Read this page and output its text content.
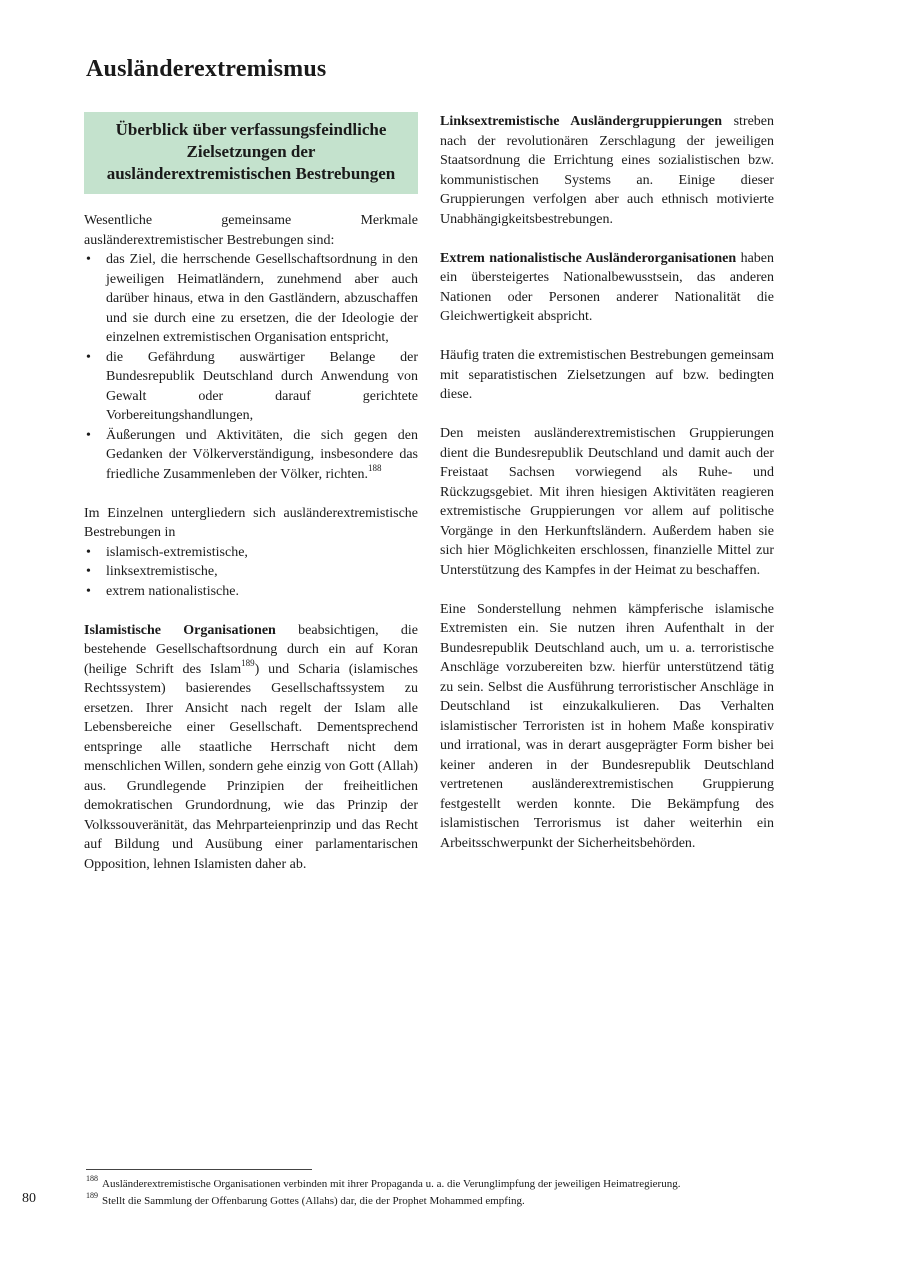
Ausländerextremismus
Überblick über verfassungsfeindliche Zielsetzungen der ausländerextremistischen Bestrebungen

Wesentliche gemeinsame Merkmale ausländerextremistischer Bestrebungen sind:

• das Ziel, die herrschende Gesellschaftsordnung in den jeweiligen Heimatländern, zunehmend aber auch darüber hinaus, etwa in den Gastländern, abzuschaffen und sie durch eine zu ersetzen, die der Ideologie der einzelnen extremistischen Organisation entspricht,
• die Gefährdung auswärtiger Belange der Bundesrepublik Deutschland durch Anwendung von Gewalt oder darauf gerichtete Vorbereitungshandlungen,
• Äußerungen und Aktivitäten, die sich gegen den Gedanken der Völkerverständigung, insbesondere das friedliche Zusammenleben der Völker, richten.$^{188}$

Im Einzelnen untergliedern sich ausländerextremistische Bestrebungen in

• islamisch-extremistische,
• linksextremistische,
• extrem nationalistische.

Islamistische Organisationen beabsichtigen, die bestehende Gesellschaftsordnung durch ein auf Koran (heilige Schrift des Islam$^{189}$) und Scharia (islamisches Rechtssystem) basierendes Gesellschaftssystem zu ersetzen. Ihrer Ansicht nach regelt der Islam alle Lebensbereiche einer Gesellschaft. Dementsprechend entspringe alle staatliche Herrschaft nicht dem menschlichen Willen, sondern gehe einzig von Gott (Allah) aus. Grundlegende Prinzipien der freiheitlichen demokratischen Grundordnung, wie das Prinzip der Volkssouveränität, das Mehrparteienprinzip und das Recht auf Bildung und Ausübung einer parlamentarischen Opposition, lehnen Islamisten daher ab.

Linksextremistische Ausländergruppierungen streben nach der revolutionären Zerschlagung der jeweiligen Staatsordnung die Errichtung eines sozialistischen bzw. kommunistischen Systems an. Einige dieser Gruppierungen verfolgen aber auch ethnisch motivierte Unabhängigkeitsbestrebungen.

Extrem nationalistische Ausländerorganisationen haben ein übersteigertes Nationalbewusstsein, das anderen Nationen oder Personen anderer Nationalität die Gleichwertigkeit abspricht.

Häufig traten die extremistischen Bestrebungen gemeinsam mit separatistischen Zielsetzungen auf bzw. bedingten diese.

Den meisten ausländerextremistischen Gruppierungen dient die Bundesrepublik Deutschland und damit auch der Freistaat Sachsen vorwiegend als Ruhe- und Rückzugsgebiet. Mit ihren hiesigen Aktivitäten reagieren extremistische Gruppierungen vor allem auf politische Vorgänge in den Herkunftsländern. Außerdem haben sie sich hier Möglichkeiten erschlossen, finanzielle Mittel zur Unterstützung des Kampfes in der Heimat zu beschaffen.

Eine Sonderstellung nehmen kämpferische islamische Extremisten ein. Sie nutzen ihren Aufenthalt in der Bundesrepublik Deutschland auch, um u. a. terroristische Anschläge vorzubereiten bzw. hierfür unterstützend tätig zu sein. Selbst die Ausführung terroristischer Anschläge in Deutschland ist einzukalkulieren. Das Verhalten islamistischer Terroristen ist in hohem Maße konspirativ und irrational, was in derart ausgeprägter Form bisher bei keiner anderen in der Bundesrepublik Deutschland vertretenen ausländerextremistischen Gruppierung festgestellt werden konnte. Die Bekämpfung des islamistischen Terrorismus ist daher weiterhin ein Arbeitsschwerpunkt der Sicherheitsbehörden.

$^{188}$ Ausländerextremistische Organisationen verbinden mit ihrer Propaganda u. a. die Verunglimpfung der jeweiligen Heimatregierung.
$^{189}$ Stellt die Sammlung der Offenbarung Gottes (Allahs) dar, die der Prophet Mohammed empfing.
80
